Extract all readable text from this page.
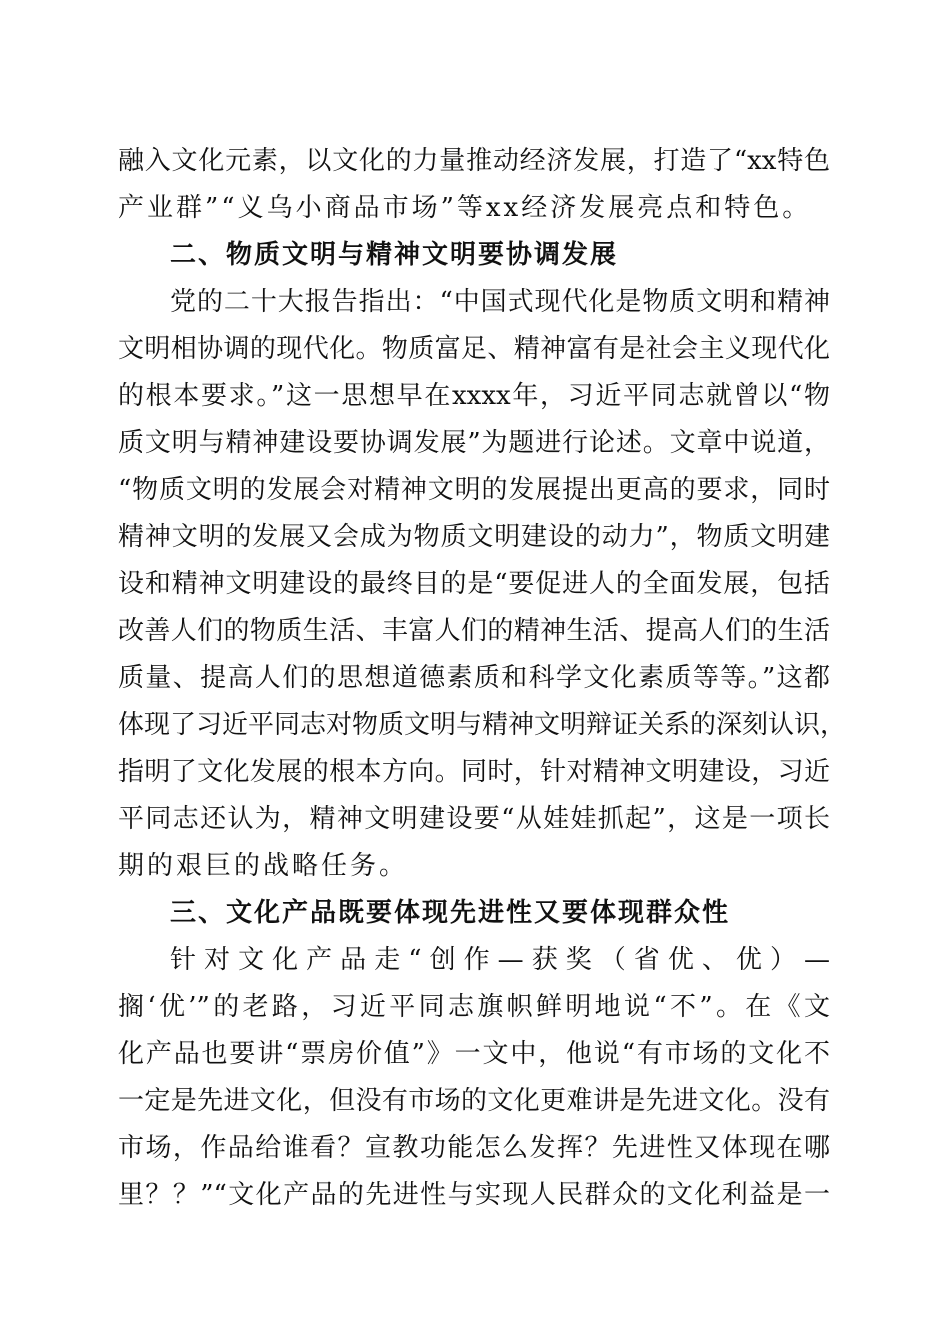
融入文化元素，以文化的力量推动经济发展，打造了“xx特色
产业群”“义乌小商品市场”等xx经济发展亮点和特色。
二、物质文明与精神文明要协调发展
党的二十大报告指出：“中国式现代化是物质文明和精神
文明相协调的现代化。物质富足、精神富有是社会主义现代化
的根本要求。”这一思想早在xxxx年，习近平同志就曾以“物
质文明与精神建设要协调发展”为题进行论述。文章中说道，
“物质文明的发展会对精神文明的发展提出更高的要求，同时
精神文明的发展又会成为物质文明建设的动力”，物质文明建
设和精神文明建设的最终目的是“要促进人的全面发展，包括
改善人们的物质生活、丰富人们的精神生活、提高人们的生活
质量、提高人们的思想道德素质和科学文化素质等等。”这都
体现了习近平同志对物质文明与精神文明辩证关系的深刻认识，
指明了文化发展的根本方向。同时，针对精神文明建设，习近
平同志还认为，精神文明建设要“从娃娃抓起”，这是一项长
期的艰巨的战略任务。
三、文化产品既要体现先进性又要体现群众性
针对文化产品走“创作—获奖（省优、优）—
搁‘优’”的老路，习近平同志旗帜鲜明地说“不”。在《文
化产品也要讲“票房价值”》一文中，他说“有市场的文化不
一定是先进文化，但没有市场的文化更难讲是先进文化。没有
市场，作品给谁看？宣教功能怎么发挥？先进性又体现在哪
里？？”“文化产品的先进性与实现人民群众的文化利益是一
